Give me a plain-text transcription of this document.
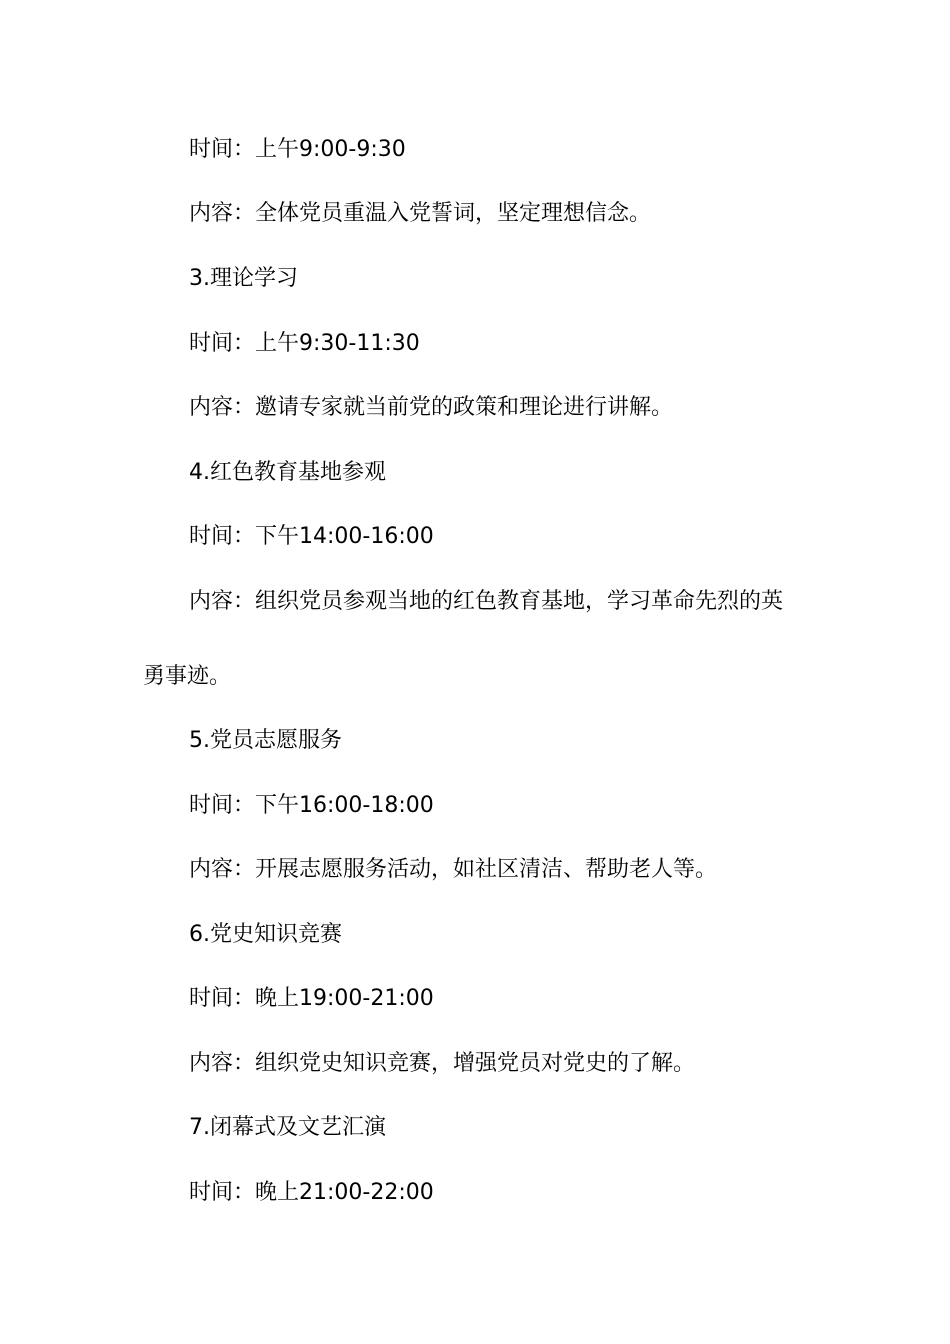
时间：上午9:00-9:30
内容：全体党员重温入党誓词，坚定理想信念。
3.理论学习
时间：上午9:30-11:30
内容：邀请专家就当前党的政策和理论进行讲解。
4.红色教育基地参观
时间：下午14:00-16:00
内容：组织党员参观当地的红色教育基地，学习革命先烈的英
勇事迹。
5.党员志愿服务
时间：下午16:00-18:00
内容：开展志愿服务活动，如社区清洁、帮助老人等。
6.党史知识竞赛
时间：晚上19:00-21:00
内容：组织党史知识竞赛，增强党员对党史的了解。
7.闭幕式及文艺汇演
时间：晚上21:00-22:00
